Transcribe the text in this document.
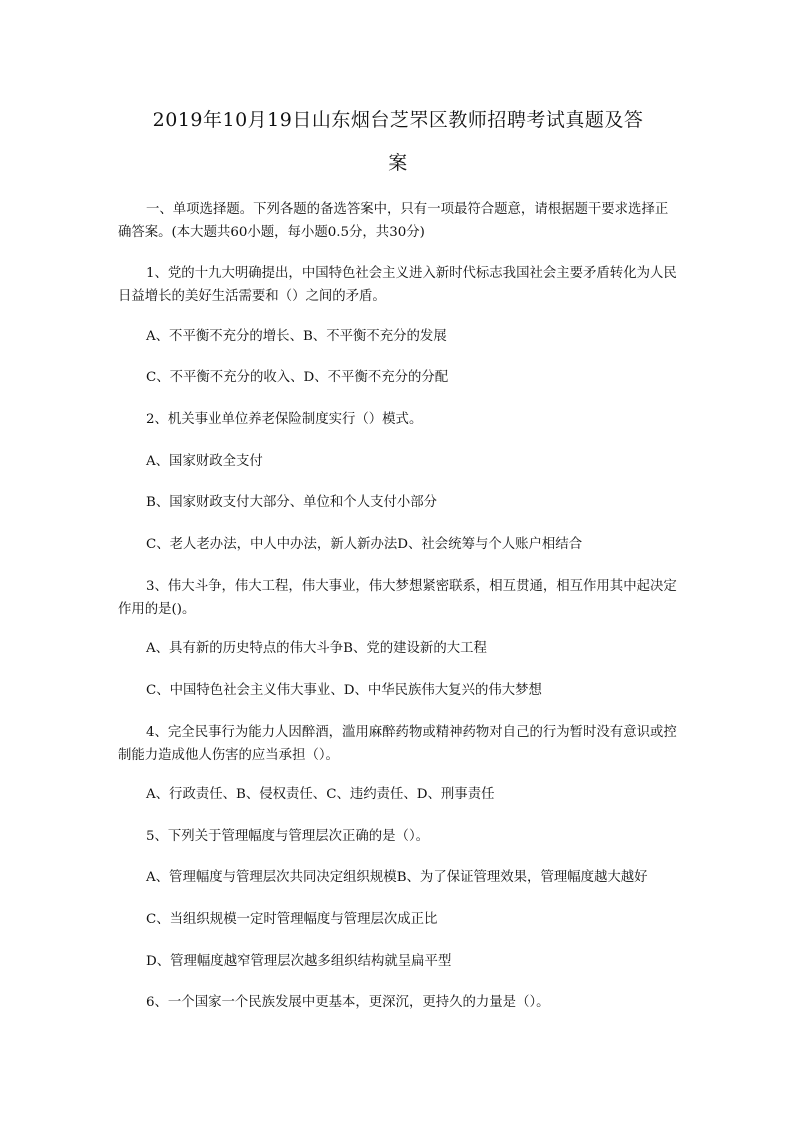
2019年10月19日山东烟台芝罘区教师招聘考试真题及答
案
一、单项选择题。下列各题的备选答案中，只有一项最符合题意，请根据题干要求选择正确答案。(本大题共60小题，每小题0.5分，共30分)
1、党的十九大明确提出，中国特色社会主义进入新时代标志我国社会主要矛盾转化为人民日益增长的美好生活需要和（）之间的矛盾。
A、不平衡不充分的增长、B、不平衡不充分的发展
C、不平衡不充分的收入、D、不平衡不充分的分配
2、机关事业单位养老保险制度实行（）模式。
A、国家财政全支付
B、国家财政支付大部分、单位和个人支付小部分
C、老人老办法，中人中办法，新人新办法D、社会统筹与个人账户相结合
3、伟大斗争，伟大工程，伟大事业，伟大梦想紧密联系，相互贯通，相互作用其中起决定作用的是()。
A、具有新的历史特点的伟大斗争B、党的建设新的大工程
C、中国特色社会主义伟大事业、D、中华民族伟大复兴的伟大梦想
4、完全民事行为能力人因醉酒，滥用麻醉药物或精神药物对自己的行为暂时没有意识或控制能力造成他人伤害的应当承担（）。
A、行政责任、B、侵权责任、C、违约责任、D、刑事责任
5、下列关于管理幅度与管理层次正确的是（）。
A、管理幅度与管理层次共同决定组织规模B、为了保证管理效果，管理幅度越大越好
C、当组织规模一定时管理幅度与管理层次成正比
D、管理幅度越窄管理层次越多组织结构就呈扁平型
6、一个国家一个民族发展中更基本，更深沉，更持久的力量是（）。
